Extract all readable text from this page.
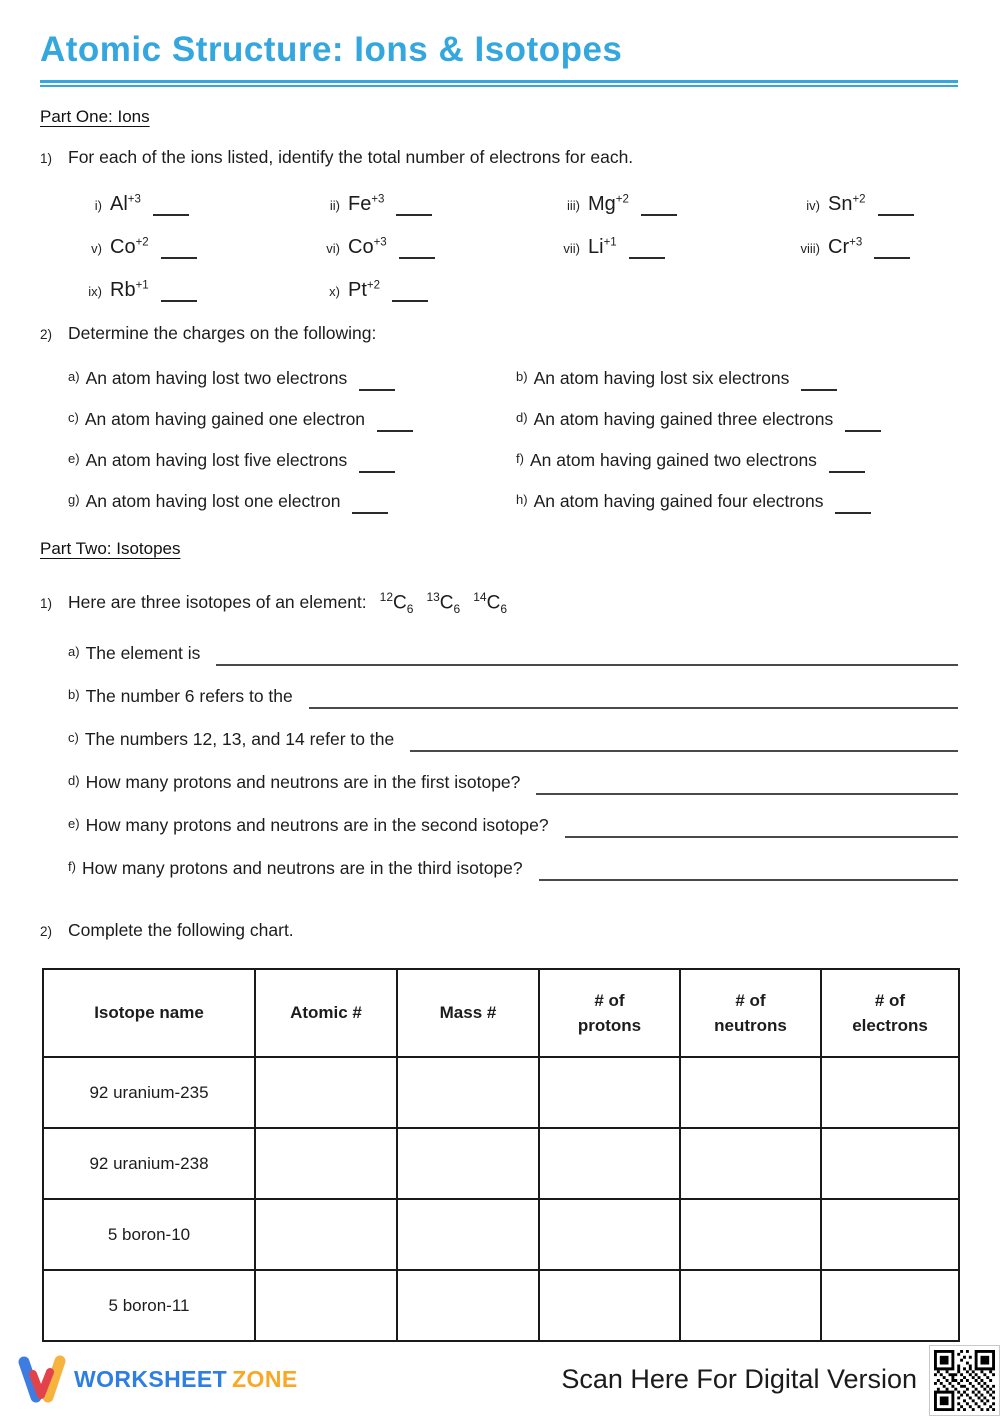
Atomic Structure: Ions & Isotopes
Part One: Ions
1) For each of the ions listed, identify the total number of electrons for each.
i) $Al^{+3}$	ii) $Fe^{+3}$	iii) $Mg^{+2}$	iv) $Sn^{+2}$
v) $Co^{+2}$	vi) $Co^{+3}$	vii) $Li^{+1}$	viii) $Cr^{+3}$
ix) $Rb^{+1}$	x) $Pt^{+2}$
2) Determine the charges on the following:
a) An atom having lost two electrons	b) An atom having lost six electrons
c) An atom having gained one electron	d) An atom having gained three electrons
e) An atom having lost five electrons	f) An atom having gained two electrons
g) An atom having lost one electron	h) An atom having gained four electrons
Part Two: Isotopes
1) Here are three isotopes of an element: $^{12}C_6$
$^{13}C_6$
$^{14}C_6$
a) The element is
b) The number 6 refers to the
c) The numbers 12, 13, and 14 refer to the
d) How many protons and neutrons are in the first isotope?
e) How many protons and neutrons are in the second isotope?
f) How many protons and neutrons are in the third isotope?
2) Complete the following chart.
Isotope name	Atomic #	Mass #	# of protons	# of neutrons	# of electrons
92 uranium-235					
92 uranium-238					
5 boron-10					
5 boron-11					
WORKSHEET ZONE	Scan Here For Digital Version
